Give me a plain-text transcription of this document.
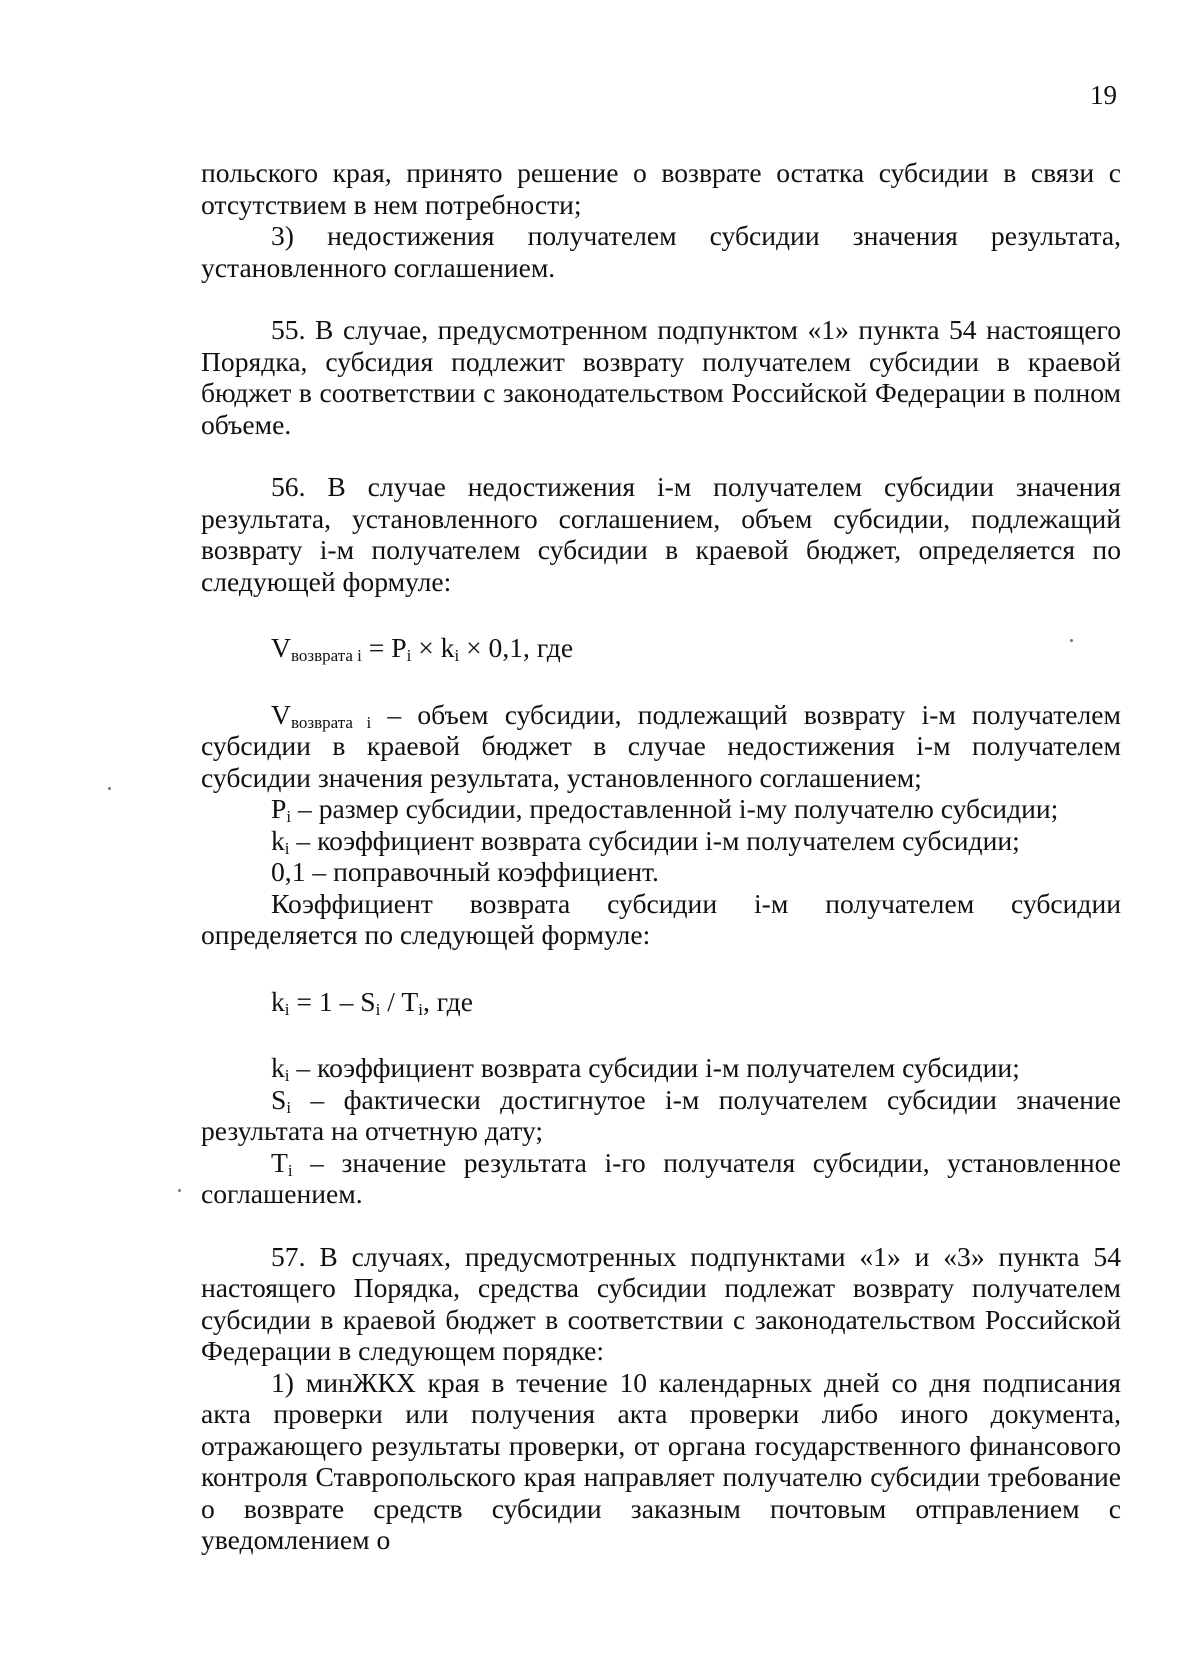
19

польского края, принято решение о возврате остатка субсидии в связи с отсутствием в нем потребности;

3) недостижения получателем субсидии значения результата, установленного соглашением.

55. В случае, предусмотренном подпунктом «1» пункта 54 настоящего Порядка, субсидия подлежит возврату получателем субсидии в краевой бюджет в соответствии с законодательством Российской Федерации в полном объеме.

56. В случае недостижения i-м получателем субсидии значения результата, установленного соглашением, объем субсидии, подлежащий возврату i-м получателем субсидии в краевой бюджет, определяется по следующей формуле:

$V_{возврата i} = P_i \times k_i \times 0,1$, где

$V_{возврата i}$ – объем субсидии, подлежащий возврату i-м получателем субсидии в краевой бюджет в случае недостижения i-м получателем субсидии значения результата, установленного соглашением;

$P_i$ – размер субсидии, предоставленной i-му получателю субсидии;

$k_i$ – коэффициент возврата субсидии i-м получателем субсидии;

0,1 – поправочный коэффициент.

Коэффициент возврата субсидии i-м получателем субсидии определяется по следующей формуле:

$k_i = 1 - S_i / T_i$, где

$k_i$ – коэффициент возврата субсидии i-м получателем субсидии;

$S_i$ – фактически достигнутое i-м получателем субсидии значение результата на отчетную дату;

$T_i$ – значение результата i-го получателя субсидии, установленное соглашением.

57. В случаях, предусмотренных подпунктами «1» и «3» пункта 54 настоящего Порядка, средства субсидии подлежат возврату получателем субсидии в краевой бюджет в соответствии с законодательством Российской Федерации в следующем порядке:

1) минЖКХ края в течение 10 календарных дней со дня подписания акта проверки или получения акта проверки либо иного документа, отражающего результаты проверки, от органа государственного финансового контроля Ставропольского края направляет получателю субсидии требование о возврате средств субсидии заказным почтовым отправлением с уведомлением о
